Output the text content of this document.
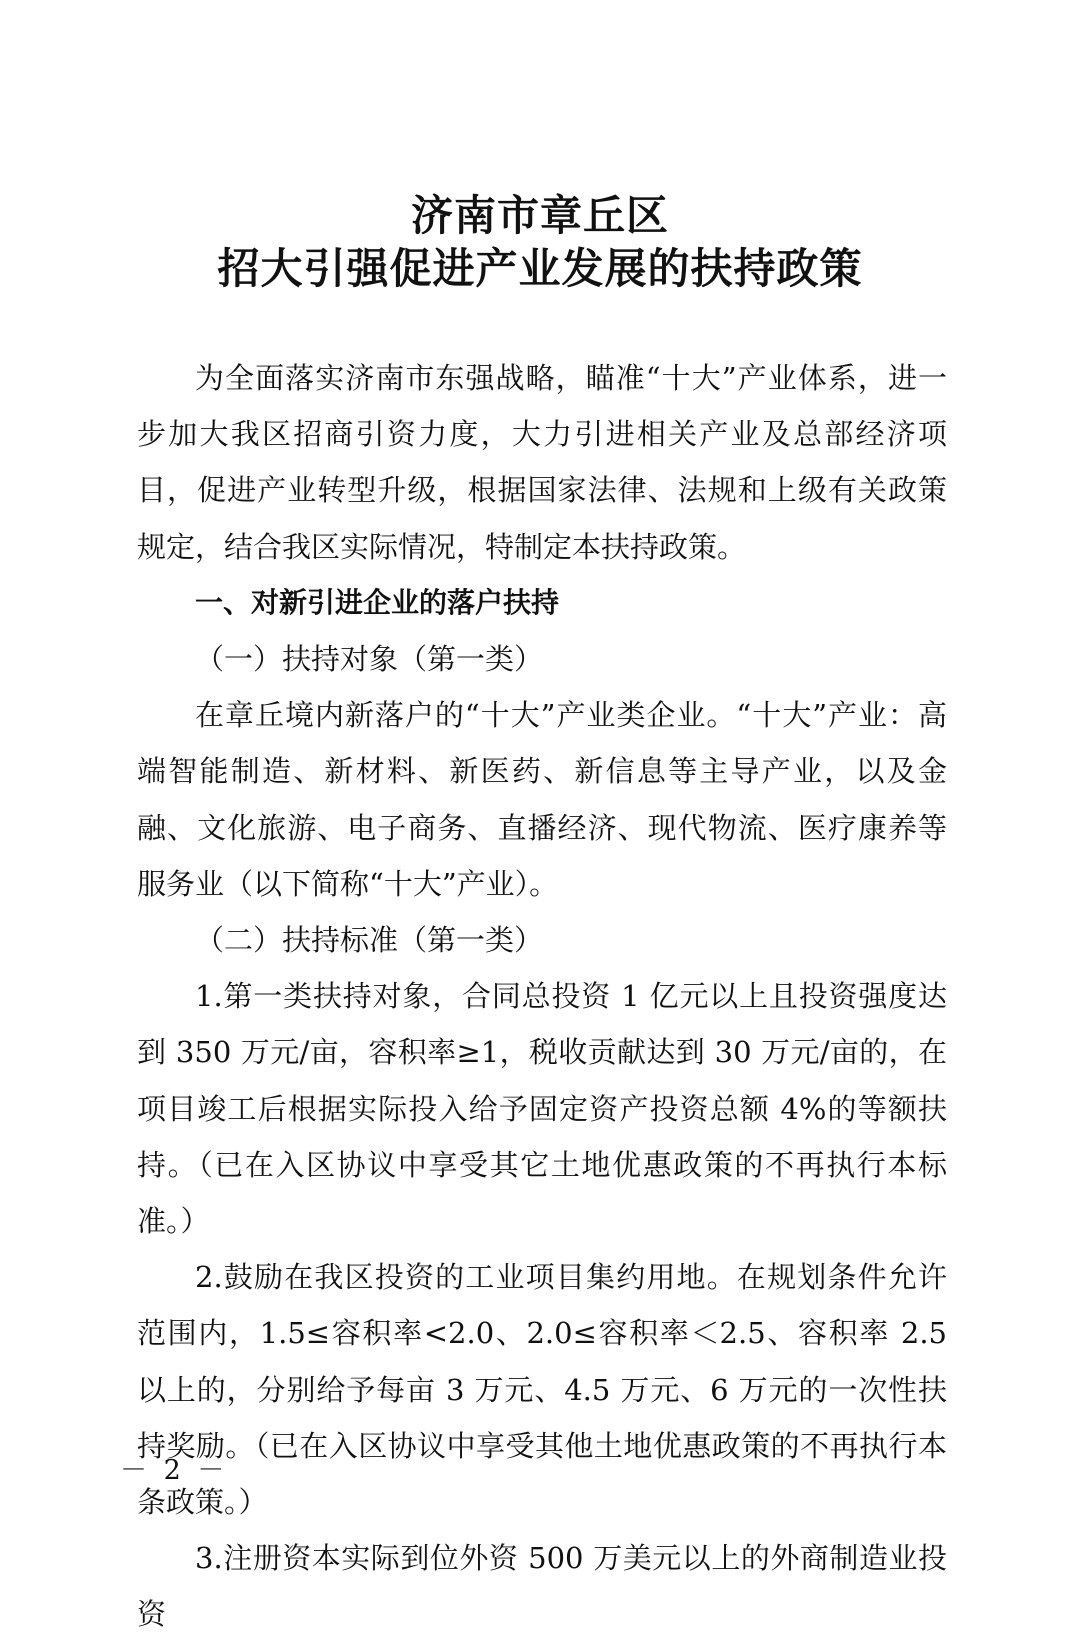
济南市章丘区
招大引强促进产业发展的扶持政策

为全面落实济南市东强战略，瞄准“十大”产业体系，进一步加大我区招商引资力度，大力引进相关产业及总部经济项目，促进产业转型升级，根据国家法律、法规和上级有关政策规定，结合我区实际情况，特制定本扶持政策。

一、对新引进企业的落户扶持

（一）扶持对象（第一类）

在章丘境内新落户的“十大”产业类企业。“十大”产业：高端智能制造、新材料、新医药、新信息等主导产业，以及金融、文化旅游、电子商务、直播经济、现代物流、医疗康养等服务业（以下简称“十大”产业）。

（二）扶持标准（第一类）

1.第一类扶持对象，合同总投资 1 亿元以上且投资强度达到 350 万元/亩，容积率≥1，税收贡献达到 30 万元/亩的，在项目竣工后根据实际投入给予固定资产投资总额 4%的等额扶持。（已在入区协议中享受其它土地优惠政策的不再执行本标准。）

2.鼓励在我区投资的工业项目集约用地。在规划条件允许范围内，1.5≤容积率<2.0、2.0≤容积率＜2.5、容积率 2.5 以上的，分别给予每亩 3 万元、4.5 万元、6 万元的一次性扶持奖励。（已在入区协议中享受其他土地优惠政策的不再执行本条政策。）

3.注册资本实际到位外资 500 万美元以上的外商制造业投资

－ 2 －
